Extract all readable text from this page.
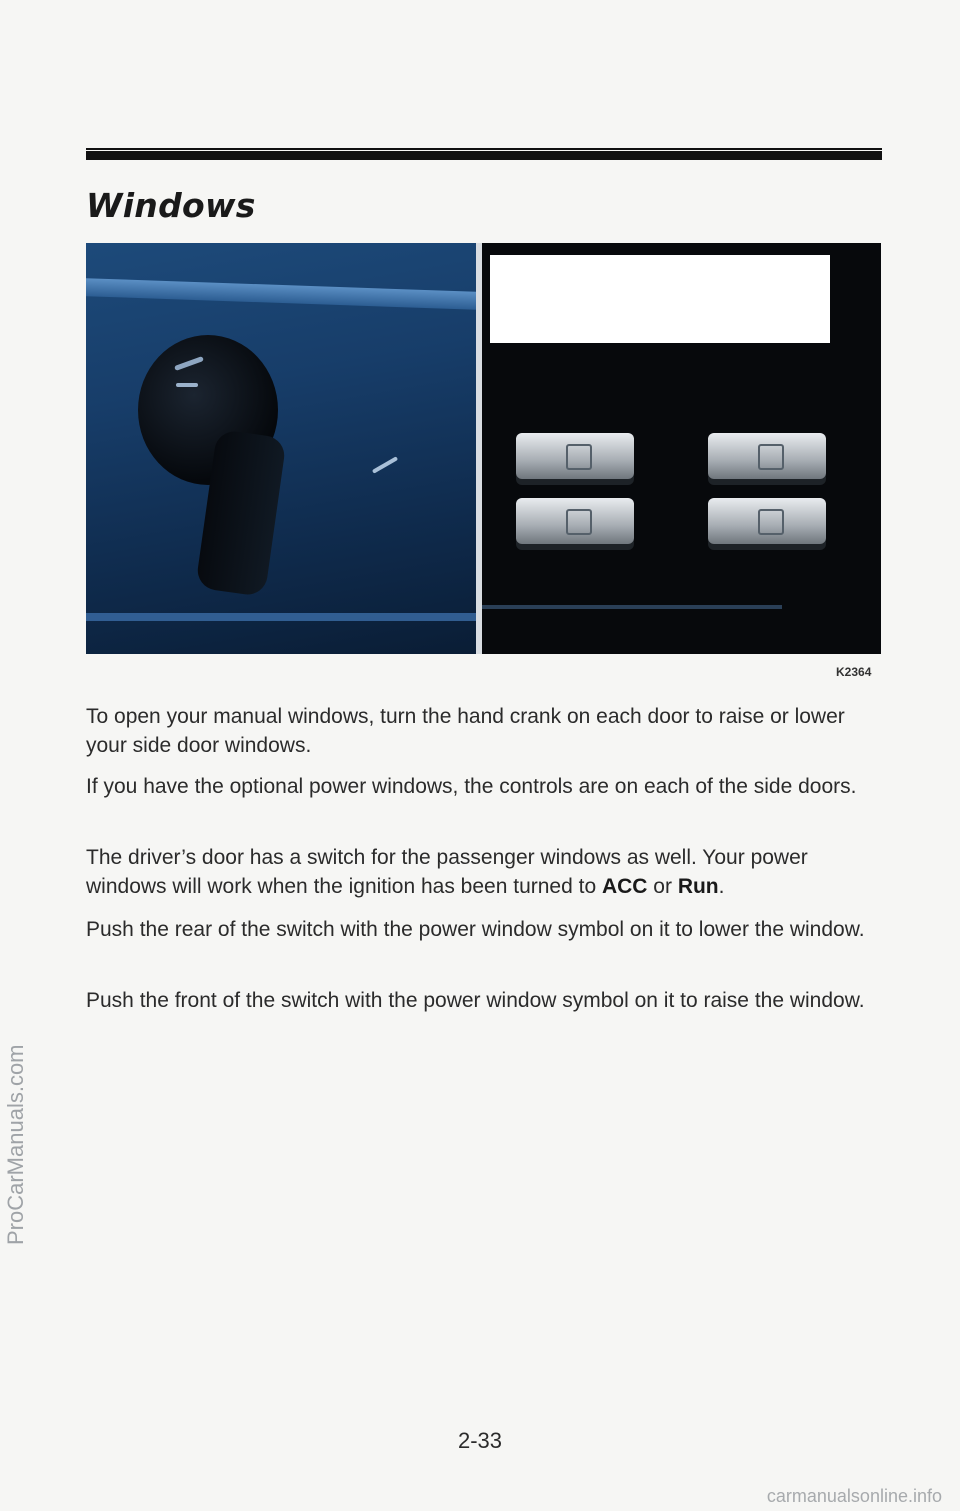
Windows
K2364

To open your manual windows, turn the hand crank on each door to raise or lower your side door windows.

If you have the optional power windows, the controls are on each of the side doors.

The driver’s door has a switch for the passenger windows as well. Your power windows will work when the ignition has been turned to ACC or Run.

Push the rear of the switch with the power window symbol on it to lower the window.

Push the front of the switch with the power window symbol on it to raise the window.

2-33
ProCarManuals.com
carmanualsonline.info
